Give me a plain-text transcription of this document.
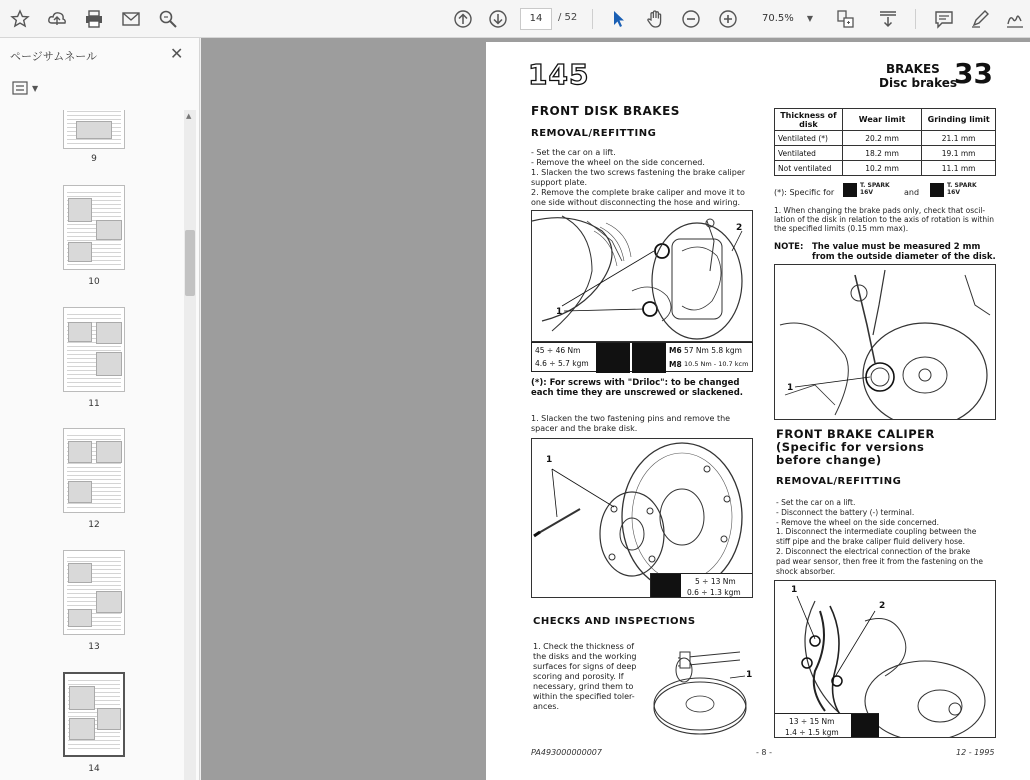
14	/ 52	70.5% ▼
ページサムネール	✕
▼
9
10
11
12
13
14
▲
145	BRAKES
Disc brakes
33
FRONT DISK BRAKES
REMOVAL/REFITTING

- Set the car on a lift.

- Remove the wheel on the side concerned.

1. Slacken the two screws fastening the brake caliper

support plate.

2. Remove the complete brake caliper and move it to

one side without disconnecting the hose and wiring.

1
2
45 ÷ 46 Nm
4.6 ÷ 5.7 kgm
M6 57 Nm 5.8 kgm
M8 10.5 Nm - 10.7 kcm
(*): For screws with "Driloc": to be changed each time they are unscrewed or slackened.

1. Slacken the two fastening pins and remove the

spacer and the brake disk.

1
5 ÷ 13 Nm
0.6 ÷ 1.3 kgm
CHECKS AND INSPECTIONS

1. Check the thickness of

the disks and the working

surfaces for signs of deep

scoring and porosity. If

necessary, grind them to

within the specified toler-

ances.

1
Thickness of disk	Wear limit	Grinding limit
Ventilated (*)	20.2 mm	21.1 mm
Ventilated	18.2 mm	19.1 mm
Not ventilated	10.2 mm	11.1 mm
(*): Specific for
T. SPARK 16V	and
T. SPARK 16V

1. When changing the brake pads only, check that oscil-

lation of the disk in relation to the axis of rotation is within

the specified limits (0.15 mm max).

NOTE: The value must be measured 2 mm from the outside diameter of the disk.
1
FRONT BRAKE CALIPER
(Specific for versions
before change)
REMOVAL/REFITTING

- Set the car on a lift.

- Disconnect the battery (-) terminal.

- Remove the wheel on the side concerned.

1. Disconnect the intermediate coupling between the

stiff pipe and the brake caliper fluid delivery hose.

2. Disconnect the electrical connection of the brake

pad wear sensor, then free it from the fastening on the

shock absorber.

1
2
13 ÷ 15 Nm
1.4 ÷ 1.5 kgm
PA493000000007	- 8 -	12 - 1995
